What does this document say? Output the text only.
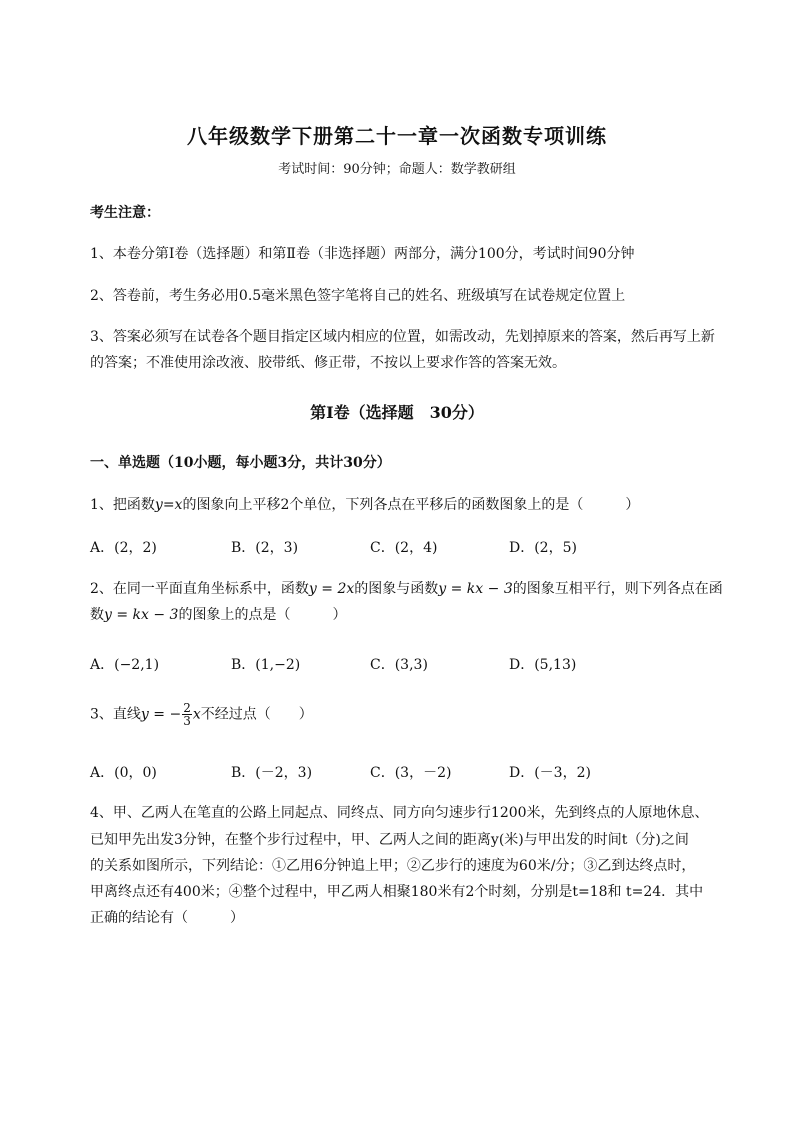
八年级数学下册第二十一章一次函数专项训练
考试时间：90分钟；命题人：数学教研组
考生注意：
1、本卷分第I卷（选择题）和第Ⅱ卷（非选择题）两部分，满分100分，考试时间90分钟
2、答卷前，考生务必用0.5毫米黑色签字笔将自己的姓名、班级填写在试卷规定位置上
3、答案必须写在试卷各个题目指定区域内相应的位置，如需改动，先划掉原来的答案，然后再写上新
的答案；不准使用涂改液、胶带纸、修正带，不按以上要求作答的答案无效。
第I卷（选择题　30分）
一、单选题（10小题，每小题3分，共计30分）
1、把函数y=x的图象向上平移2个单位，下列各点在平移后的函数图象上的是（　　　）
A．(2，2)	B．(2，3)	C．(2，4)	D．(2，5)
2、在同一平面直角坐标系中，函数y = 2x的图象与函数y = kx − 3的图象互相平行，则下列各点在函
数y = kx − 3的图象上的点是（　　　）
A．(−2,1)	B．(1,−2)	C．(3,3)	D．(5,13)
3、直线y = − $\frac{2}{3}$ x不经过点（　　）
A．(0，0)	B．(－2，3)	C．(3，－2)	D．(－3，2)
4、甲、乙两人在笔直的公路上同起点、同终点、同方向匀速步行1200米，先到终点的人原地休息、
已知甲先出发3分钟，在整个步行过程中，甲、乙两人之间的距离y(米)与甲出发的时间t（分)之间
的关系如图所示，下列结论：①乙用6分钟追上甲；②乙步行的速度为60米/分；③乙到达终点时，
甲离终点还有400米；④整个过程中，甲乙两人相聚180米有2个时刻，分别是t=18和 t=24．其中
正确的结论有（　　　）
